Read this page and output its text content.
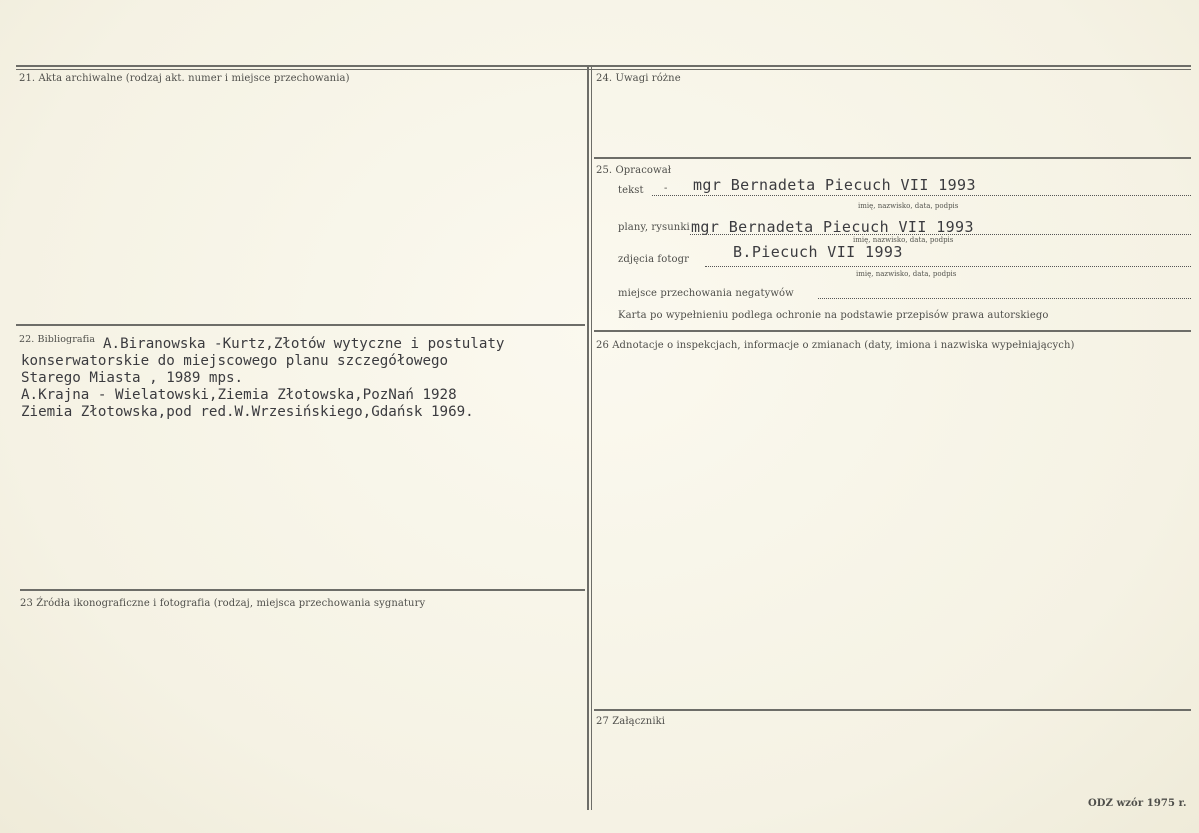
21. Akta archiwalne (rodzaj akt. numer i miejsce przechowania)
22. Bibliografia A.Biranowska -Kurtz,Złotów wytyczne i postulaty
konserwatorskie do miejscowego planu szczegółowego
Starego Miasta , 1989 mps.
A.Krajna - Wielatowski,Ziemia Złotowska,PozNań 1928
Ziemia Złotowska,pod red.W.Wrzesińskiego,Gdańsk 1969.
23 Źródła ikonograficzne i fotografia (rodzaj, miejsca przechowania sygnatury
24. Uwagi różne
25. Opracował
tekst - mgr Bernadeta Piecuch VII 1993
imię, nazwisko, data, podpis
plany, rysunki mgr Bernadeta Piecuch VII 1993
imię, nazwisko, data, podpis
zdjęcia fotogr	B.Piecuch VII 1993
imię, nazwisko, data, podpis
miejsce przechowania negatywów
Karta po wypełnieniu podlega ochronie na podstawie przepisów prawa autorskiego
26 Adnotacje o inspekcjach, informacje o zmianach (daty, imiona i nazwiska wypełniających)
27 Załączniki
ODZ wzór 1975 r.
